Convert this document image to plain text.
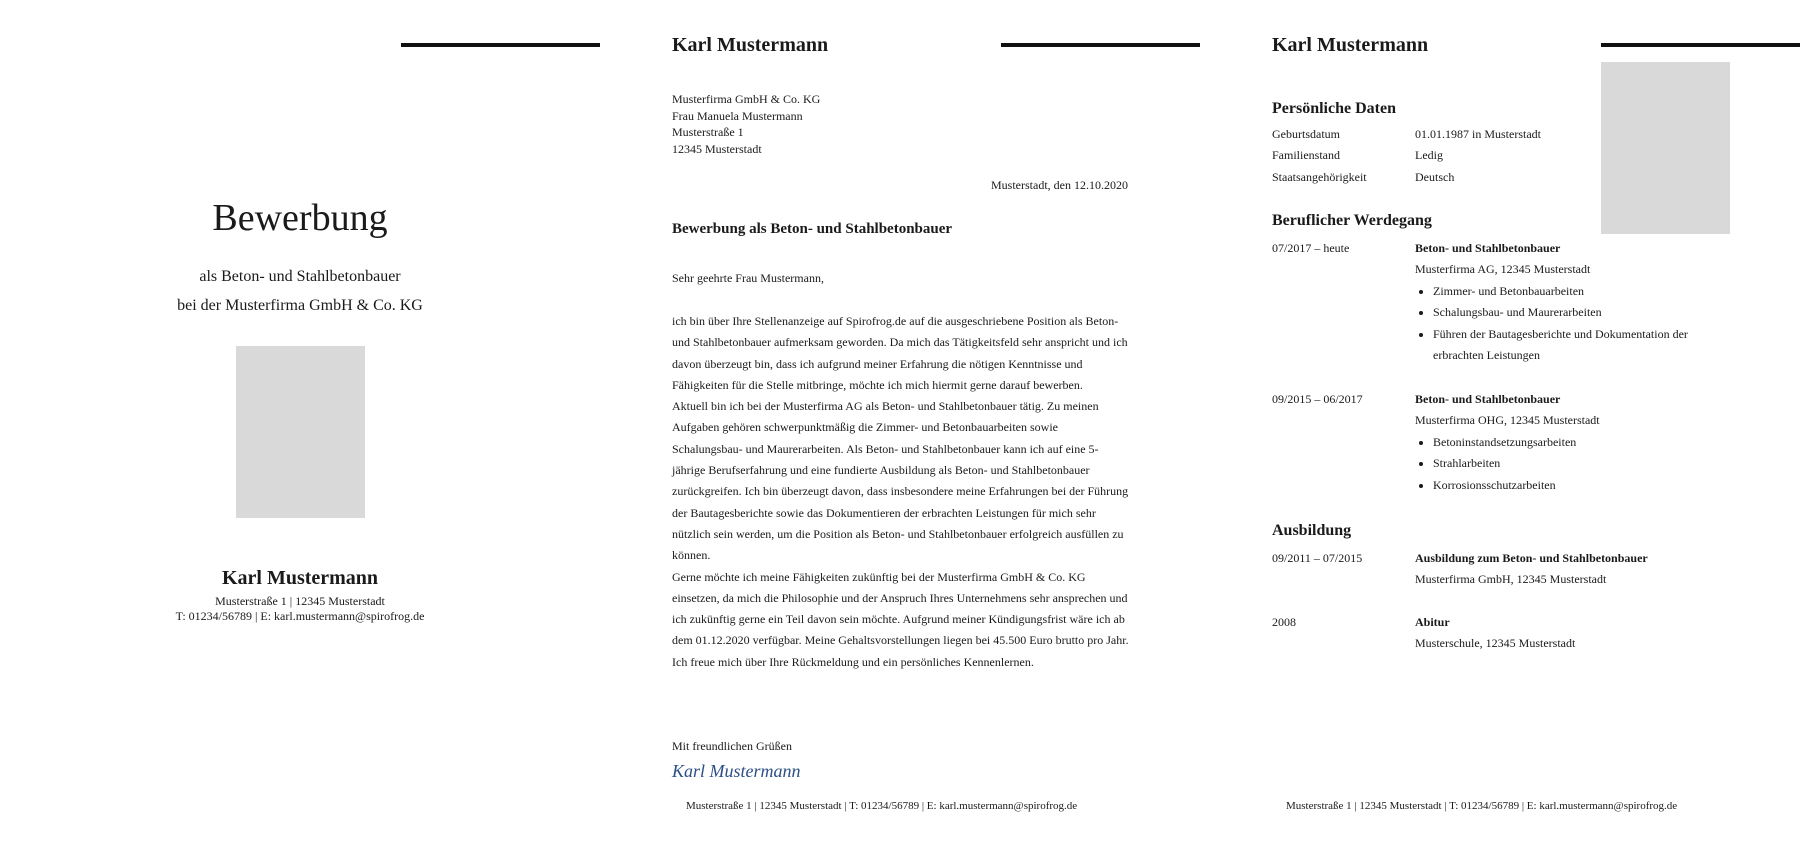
Bewerbung
als Beton- und Stahlbetonbauer
bei der Musterfirma GmbH & Co. KG
Karl Mustermann
Musterstraße 1 | 12345 Musterstadt
T: 01234/56789 | E: karl.mustermann@spirofrog.de
Karl Mustermann
Musterfirma GmbH & Co. KG
Frau Manuela Mustermann
Musterstraße 1
12345 Musterstadt
Musterstadt, den 12.10.2020
Bewerbung als Beton- und Stahlbetonbauer
Sehr geehrte Frau Mustermann,

ich bin über Ihre Stellenanzeige auf Spirofrog.de auf die ausgeschriebene Position als Beton- und Stahlbetonbauer aufmerksam geworden. Da mich das Tätigkeitsfeld sehr anspricht und ich davon überzeugt bin, dass ich aufgrund meiner Erfahrung die nötigen Kenntnisse und Fähigkeiten für die Stelle mitbringe, möchte ich mich hiermit gerne darauf bewerben.

Aktuell bin ich bei der Musterfirma AG als Beton- und Stahlbetonbauer tätig. Zu meinen Aufgaben gehören schwerpunktmäßig die Zimmer- und Betonbauarbeiten sowie Schalungsbau- und Maurerarbeiten. Als Beton- und Stahlbetonbauer kann ich auf eine 5-jährige Berufserfahrung und eine fundierte Ausbildung als Beton- und Stahlbetonbauer zurückgreifen. Ich bin überzeugt davon, dass insbesondere meine Erfahrungen bei der Führung der Bautagesberichte sowie das Dokumentieren der erbrachten Leistungen für mich sehr nützlich sein werden, um die Position als Beton- und Stahlbetonbauer erfolgreich ausfüllen zu können.

Gerne möchte ich meine Fähigkeiten zukünftig bei der Musterfirma GmbH & Co. KG einsetzen, da mich die Philosophie und der Anspruch Ihres Unternehmens sehr ansprechen und ich zukünftig gerne ein Teil davon sein möchte. Aufgrund meiner Kündigungsfrist wäre ich ab dem 01.12.2020 verfügbar. Meine Gehaltsvorstellungen liegen bei 45.500 Euro brutto pro Jahr. Ich freue mich über Ihre Rückmeldung und ein persönliches Kennenlernen.

Mit freundlichen Grüßen
Karl Mustermann
Musterstraße 1 | 12345 Musterstadt | T: 01234/56789 | E: karl.mustermann@spirofrog.de
Karl Mustermann
Persönliche Daten
Geburtsdatum	01.01.1987 in Musterstadt
Familienstand	Ledig
Staatsangehörigkeit	Deutsch
Beruflicher Werdegang
07/2017 – heute	Beton- und Stahlbetonbauer
Musterfirma AG, 12345 Musterstadt
• Zimmer- und Betonbauarbeiten
• Schalungsbau- und Maurerarbeiten
• Führen der Bautagesberichte und Dokumentation der erbrachten Leistungen
09/2015 – 06/2017	Beton- und Stahlbetonbauer
Musterfirma OHG, 12345 Musterstadt
• Betoninstandsetzungsarbeiten
• Strahlarbeiten
• Korrosionsschutzarbeiten
Ausbildung
09/2011 – 07/2015	Ausbildung zum Beton- und Stahlbetonbauer
Musterfirma GmbH, 12345 Musterstadt
2008	Abitur
Musterschule, 12345 Musterstadt
Musterstraße 1 | 12345 Musterstadt | T: 01234/56789 | E: karl.mustermann@spirofrog.de
